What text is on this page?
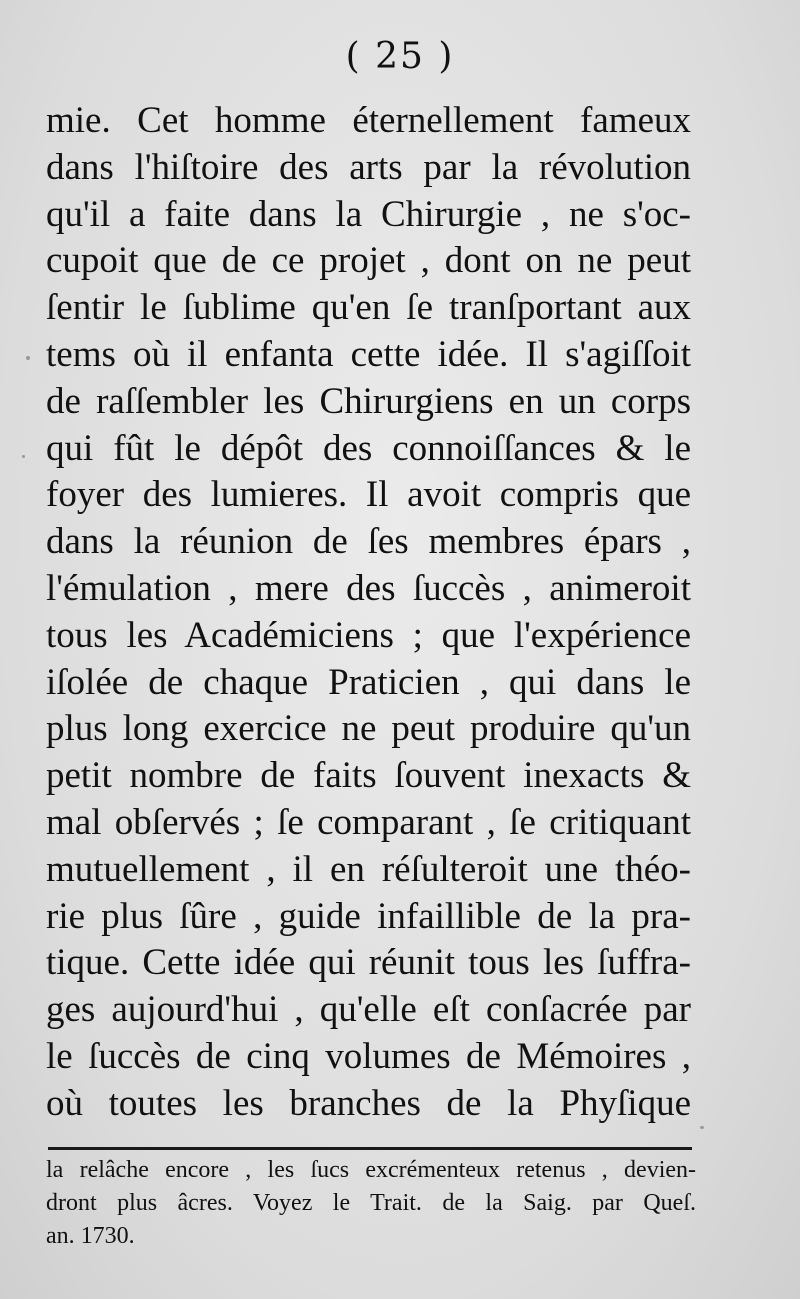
( 25 )
mie. Cet homme éternellement fameux
dans l'hiſtoire des arts par la révolution
qu'il a faite dans la Chirurgie , ne s'oc-
cupoit que de ce projet , dont on ne peut
ſentir le ſublime qu'en ſe tranſportant aux
tems où il enfanta cette idée. Il s'agiſſoit
de raſſembler les Chirurgiens en un corps
qui fût le dépôt des connoiſſances & le
foyer des lumieres. Il avoit compris que
dans la réunion de ſes membres épars ,
l'émulation , mere des ſuccès , animeroit
tous les Académiciens ; que l'expérience
iſolée de chaque Praticien , qui dans le
plus long exercice ne peut produire qu'un
petit nombre de faits ſouvent inexacts &
mal obſervés ; ſe comparant , ſe critiquant
mutuellement , il en réſulteroit une théo-
rie plus ſûre , guide infaillible de la pra-
tique. Cette idée qui réunit tous les ſuffra-
ges aujourd'hui , qu'elle eſt conſacrée par
le ſuccès de cinq volumes de Mémoires ,
où toutes les branches de la Phyſique
la relâche encore , les ſucs excrémenteux retenus , devien-
dront plus âcres. Voyez le Trait. de la Saig. par Queſ.
an. 1730.
